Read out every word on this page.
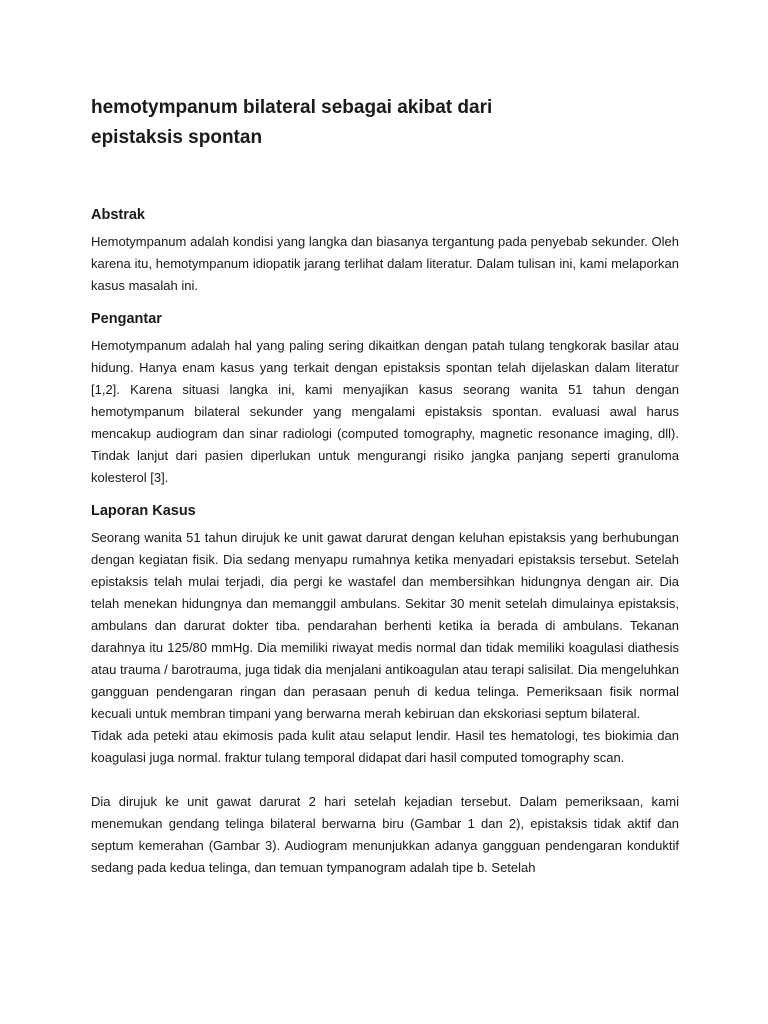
hemotympanum bilateral sebagai akibat dari epistaksis spontan
Abstrak

Hemotympanum adalah kondisi yang langka dan biasanya tergantung pada penyebab sekunder. Oleh karena itu, hemotympanum idiopatik jarang terlihat dalam literatur. Dalam tulisan ini, kami melaporkan kasus masalah ini.

Pengantar

Hemotympanum adalah hal yang paling sering dikaitkan dengan patah tulang tengkorak basilar atau hidung. Hanya enam kasus yang terkait dengan epistaksis spontan telah dijelaskan dalam literatur [1,2]. Karena situasi langka ini, kami menyajikan kasus seorang wanita 51 tahun dengan hemotympanum bilateral sekunder yang mengalami epistaksis spontan. evaluasi awal harus mencakup audiogram dan sinar radiologi (computed tomography, magnetic resonance imaging, dll). Tindak lanjut dari pasien diperlukan untuk mengurangi risiko jangka panjang seperti granuloma kolesterol [3].

Laporan Kasus

Seorang wanita 51 tahun dirujuk ke unit gawat darurat dengan keluhan epistaksis yang berhubungan dengan kegiatan fisik. Dia sedang menyapu rumahnya ketika menyadari epistaksis tersebut. Setelah epistaksis telah mulai terjadi, dia pergi ke wastafel dan membersihkan hidungnya dengan air. Dia telah menekan hidungnya dan memanggil ambulans. Sekitar 30 menit setelah dimulainya epistaksis, ambulans dan darurat dokter tiba. pendarahan berhenti ketika ia berada di ambulans. Tekanan darahnya itu 125/80 mmHg. Dia memiliki riwayat medis normal dan tidak memiliki koagulasi diathesis atau trauma / barotrauma, juga tidak dia menjalani antikoagulan atau terapi salisilat. Dia mengeluhkan gangguan pendengaran ringan dan perasaan penuh di kedua telinga. Pemeriksaan fisik normal kecuali untuk membran timpani yang berwarna merah kebiruan dan ekskoriasi septum bilateral.

Tidak ada peteki atau ekimosis pada kulit atau selaput lendir. Hasil tes hematologi, tes biokimia dan koagulasi juga normal. fraktur tulang temporal didapat dari hasil computed tomography scan.

Dia dirujuk ke unit gawat darurat 2 hari setelah kejadian tersebut. Dalam pemeriksaan, kami menemukan gendang telinga bilateral berwarna biru (Gambar 1 dan 2), epistaksis tidak aktif dan septum kemerahan (Gambar 3). Audiogram menunjukkan adanya gangguan pendengaran konduktif sedang pada kedua telinga, dan temuan tympanogram adalah tipe b. Setelah
